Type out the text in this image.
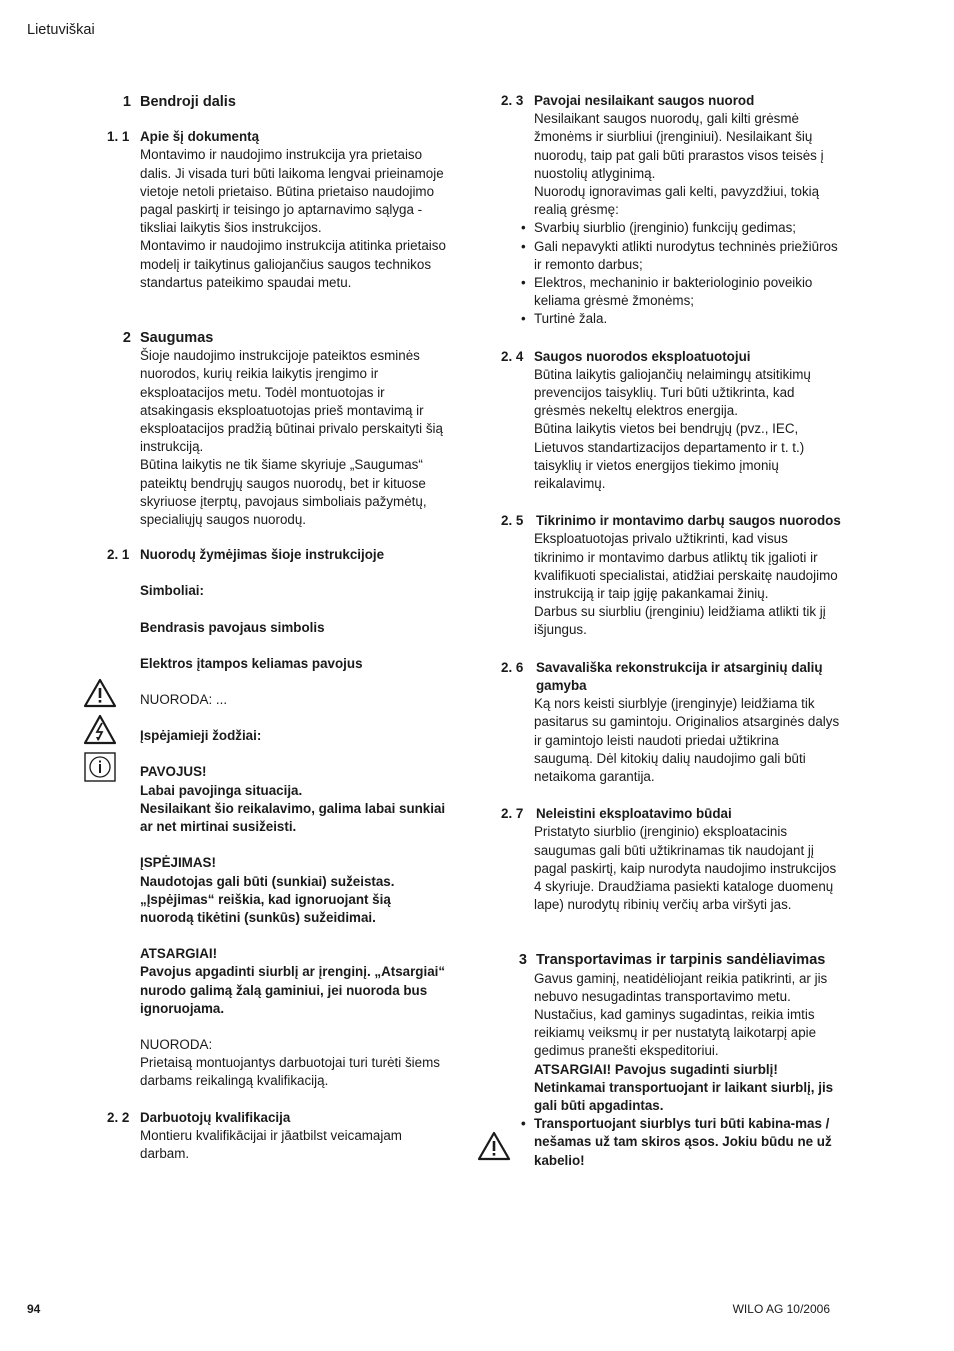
Lietuviškai
1 Bendroji dalis
1. 1 Apie šį dokumentą

Montavimo ir naudojimo instrukcija yra prietaiso dalis. Ji visada turi būti laikoma lengvai prieinamoje vietoje netoli prietaiso. Būtina prietaiso naudojimo pagal paskirtį ir teisingo jo aptarnavimo sąlyga - tiksliai laikytis šios instrukcijos.

Montavimo ir naudojimo instrukcija atitinka prietaiso modelį ir taikytinus galiojančius saugos technikos standartus pateikimo spaudai metu.

2 Saugumas

Šioje naudojimo instrukcijoje pateiktos esminės nuorodos, kurių reikia laikytis įrengimo ir eksploatacijos metu. Todėl montuotojas ir atsakingasis eksploatuotojas prieš montavimą ir eksploatacijos pradžią būtinai privalo perskaityti šią instrukciją.

Būtina laikytis ne tik šiame skyriuje „Saugumas“ pateiktų bendrųjų saugos nuorodų, bet ir kituose skyriuose įterptų, pavojaus simboliais pažymėtų, specialiųjų saugos nuorodų.

2. 1 Nuorodų žymėjimas šioje instrukcijoje

Simboliai:

Bendrasis pavojaus simbolis

Elektros įtampos keliamas pavojus

NUORODA: ...

Įspėjamieji žodžiai:

PAVOJUS!

Labai pavojinga situacija.

Nesilaikant šio reikalavimo, galima labai sunkiai ar net mirtinai susižeisti.

ĮSPĖJIMAS!

Naudotojas gali būti (sunkiai) sužeistas. „Įspėjimas“ reiškia, kad ignoruojant šią nuorodą tikėtini (sunkūs) sužeidimai.

ATSARGIAI!

Pavojus apgadinti siurblį ar įrenginį. „Atsargiai“ nurodo galimą žalą gaminiui, jei nuoroda bus ignoruojama.

NUORODA:

Prietaisą montuojantys darbuotojai turi turėti šiems darbams reikalingą kvalifikaciją.

2. 2 Darbuotojų kvalifikacija

Montieru kvalifikācijai ir jāatbilst veicamajam darbam.

2. 3 Pavojai nesilaikant saugos nuorod

Nesilaikant saugos nuorodų, gali kilti grėsmė žmonėms ir siurbliui (įrenginiui). Nesilaikant šių nuorodų, taip pat gali būti prarastos visos teisės į nuostolių atlyginimą.

Nuorodų ignoravimas gali kelti, pavyzdžiui, tokią realią grėsmę:

• Svarbių siurblio (įrenginio) funkcijų gedimas;
• Gali nepavykti atlikti nurodytus techninės priežiūros ir remonto darbus;
• Elektros, mechaninio ir bakteriologinio poveikio keliama grėsmė žmonėms;
• Turtinė žala.
2. 4 Saugos nuorodos eksploatuotojui

Būtina laikytis galiojančių nelaimingų atsitikimų prevencijos taisyklių. Turi būti užtikrinta, kad grėsmės nekeltų elektros energija.

Būtina laikytis vietos bei bendrųjų (pvz., IEC, Lietuvos standartizacijos departamento ir t. t.) taisyklių ir vietos energijos tiekimo įmonių reikalavimų.

2. 5 Tikrinimo ir montavimo darbų saugos nuorodos

Eksploatuotojas privalo užtikrinti, kad visus tikrinimo ir montavimo darbus atliktų tik įgalioti ir kvalifikuoti specialistai, atidžiai perskaitę naudojimo instrukciją ir taip įgiję pakankamai žinių.

Darbus su siurbliu (įrenginiu) leidžiama atlikti tik jį išjungus.

2. 6 Savavališka rekonstrukcija ir atsarginių dalių gamyba

Ką nors keisti siurblyje (įrenginyje) leidžiama tik pasitarus su gamintoju. Originalios atsarginės dalys ir gamintojo leisti naudoti priedai užtikrina saugumą. Dėl kitokių dalių naudojimo gali būti netaikoma garantija.

2. 7 Neleistini eksploatavimo būdai

Pristatyto siurblio (įrenginio) eksploatacinis saugumas gali būti užtikrinamas tik naudojant jį pagal paskirtį, kaip nurodyta naudojimo instrukcijos 4 skyriuje. Draudžiama pasiekti kataloge duomenų lape) nurodytų ribinių verčių arba viršyti jas.

3 Transportavimas ir tarpinis sandėliavimas

Gavus gaminį, neatidėliojant reikia patikrinti, ar jis nebuvo nesugadintas transportavimo metu. Nustačius, kad gaminys sugadintas, reikia imtis reikiamų veiksmų ir per nustatytą laikotarpį apie gedimus pranešti ekspeditoriui.

ATSARGIAI! Pavojus sugadinti siurblį! Netinkamai transportuojant ir laikant siurblį, jis gali būti apgadintas.

• Transportuojant siurblys turi būti kabina-mas / nešamas už tam skiros ąsos. Jokiu būdu ne už kabelio!
94	WILO AG 10/2006
